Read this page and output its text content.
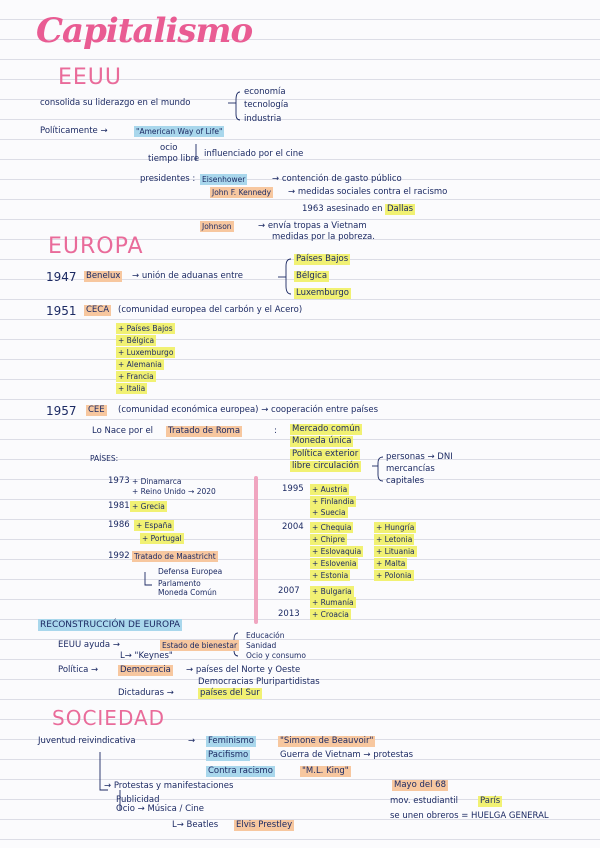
Capitalismo
EEUU
consolida su liderazgo en el mundo
economía
tecnología
industria
Políticamente →	"American Way of Life"
ocio
tiempo libre influenciado por el cine
presidentes : Eisenhower	→ contención de gasto público
John F. Kennedy → medidas sociales contra el racismo
1963 asesinado en Dallas
Johnson	→ envía tropas a Vietnam
medidas por la pobreza.
EUROPA
1947 Benelux → unión de aduanas entre
Países Bajos
Bélgica
Luxemburgo
1951 CECA (comunidad europea del carbón y el Acero)
+ Países Bajos
+ Bélgica
+ Luxemburgo
+ Alemania
+ Francia
+ Italia
1957 CEE (comunidad económica europea) → cooperación entre países
Lo Nace por el Tratado de Roma	: Mercado común
Moneda única
Política exterior
libre circulación
personas → DNI
mercancías
capitales
PAÍSES:
1973 + Dinamarca
+ Reino Unido → 2020
1981 + Grecia
1986 + España
+ Portugal
1992 Tratado de Maastricht
Defensa Europea
Parlamento
Moneda Común
1995 + Austria
+ Finlandia
+ Suecia
2004 + Chequia
+ Chipre
+ Eslovaquia
+ Eslovenia
+ Estonia
+ Hungría
+ Letonia
+ Lituania
+ Malta
+ Polonia
2007 + Bulgaria
+ Rumanía
2013 + Croacia
RECONSTRUCCIÓN DE EUROPA
EEUU ayuda →	Estado de bienestar
Educación
Sanidad
Ocio y consumo
L→ "Keynes"
Política →	Democracia → países del Norte y Oeste
Democracias Pluripartidistas
Dictaduras →	países del Sur
SOCIEDAD
Juventud reivindicativa	→ Feminismo	"Simone de Beauvoir"
Pacifismo	Guerra de Vietnam → protestas
Contra racismo	"M.L. King"
→ Protestas y manifestaciones	Mayo del 68
mov. estudiantil	París
se unen obreros = HUELGA GENERAL
Publicidad
Ocio → Música / Cine
L→ Beatles Elvis Prestley
